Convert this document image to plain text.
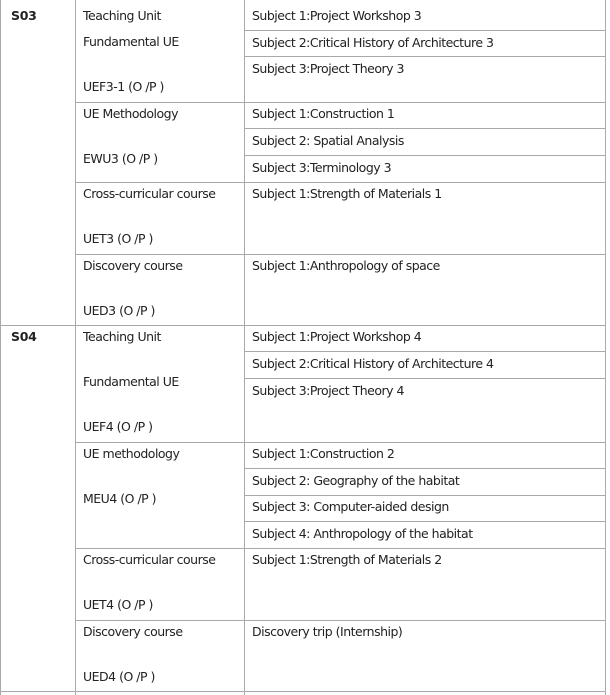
S03	Teaching Unit
Fundamental UE
UEF3-1 (O /P )
Subject 1:Project Workshop 3
Subject 2:Critical History of Architecture 3
Subject 3:Project Theory 3
UE Methodology
EWU3 (O /P )
Subject 1:Construction 1
Subject 2: Spatial Analysis
Subject 3:Terminology 3
Cross-curricular course
UET3 (O /P )
Subject 1:Strength of Materials 1
Discovery course
UED3 (O /P )
Subject 1:Anthropology of space
S04	Teaching Unit
Fundamental UE
UEF4 (O /P )
Subject 1:Project Workshop 4
Subject 2:Critical History of Architecture 4
Subject 3:Project Theory 4
UE methodology
MEU4 (O /P )
Subject 1:Construction 2
Subject 2: Geography of the habitat
Subject 3: Computer-aided design
Subject 4: Anthropology of the habitat
Cross-curricular course
UET4 (O /P )
Subject 1:Strength of Materials 2
Discovery course
UED4 (O /P )
Discovery trip (Internship)
